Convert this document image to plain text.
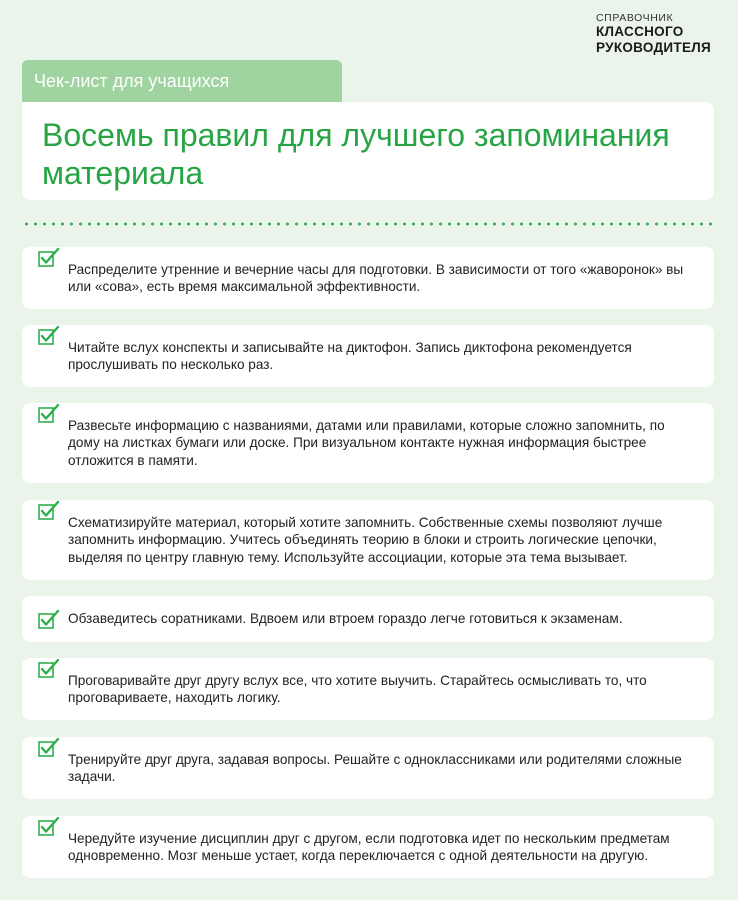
СПРАВОЧНИК
КЛАССНОГО
РУКОВОДИТЕЛЯ
Чек-лист для учащихся
Восемь правил для лучшего запоминания материала

Распределите утренние и вечерние часы для подготовки. В зависимости от того «жаворонок» вы или «сова», есть время максимальной эффективности.

Читайте вслух конспекты и записывайте на диктофон. Запись диктофона рекомендуется прослушивать по несколько раз.

Развесьте информацию с названиями, датами или правилами, которые сложно запомнить, по дому на листках бумаги или доске. При визуальном контакте нужная информация быстрее отложится в памяти.

Схематизируйте материал, который хотите запомнить. Собственные схемы позволяют лучше запомнить информацию. Учитесь объединять теорию в блоки и строить логические цепочки, выделяя по центру главную тему. Используйте ассоциации, которые эта тема вызывает.

Обзаведитесь соратниками. Вдвоем или втроем гораздо легче готовиться к экзаменам.

Проговаривайте друг другу вслух все, что хотите выучить. Старайтесь осмысливать то, что проговариваете, находить логику.

Тренируйте друг друга, задавая вопросы. Решайте с одноклассниками или родителями сложные задачи.

Чередуйте изучение дисциплин друг с другом, если подготовка идет по нескольким предметам одновременно. Мозг меньше устает, когда переключается с одной деятельности на другую.
